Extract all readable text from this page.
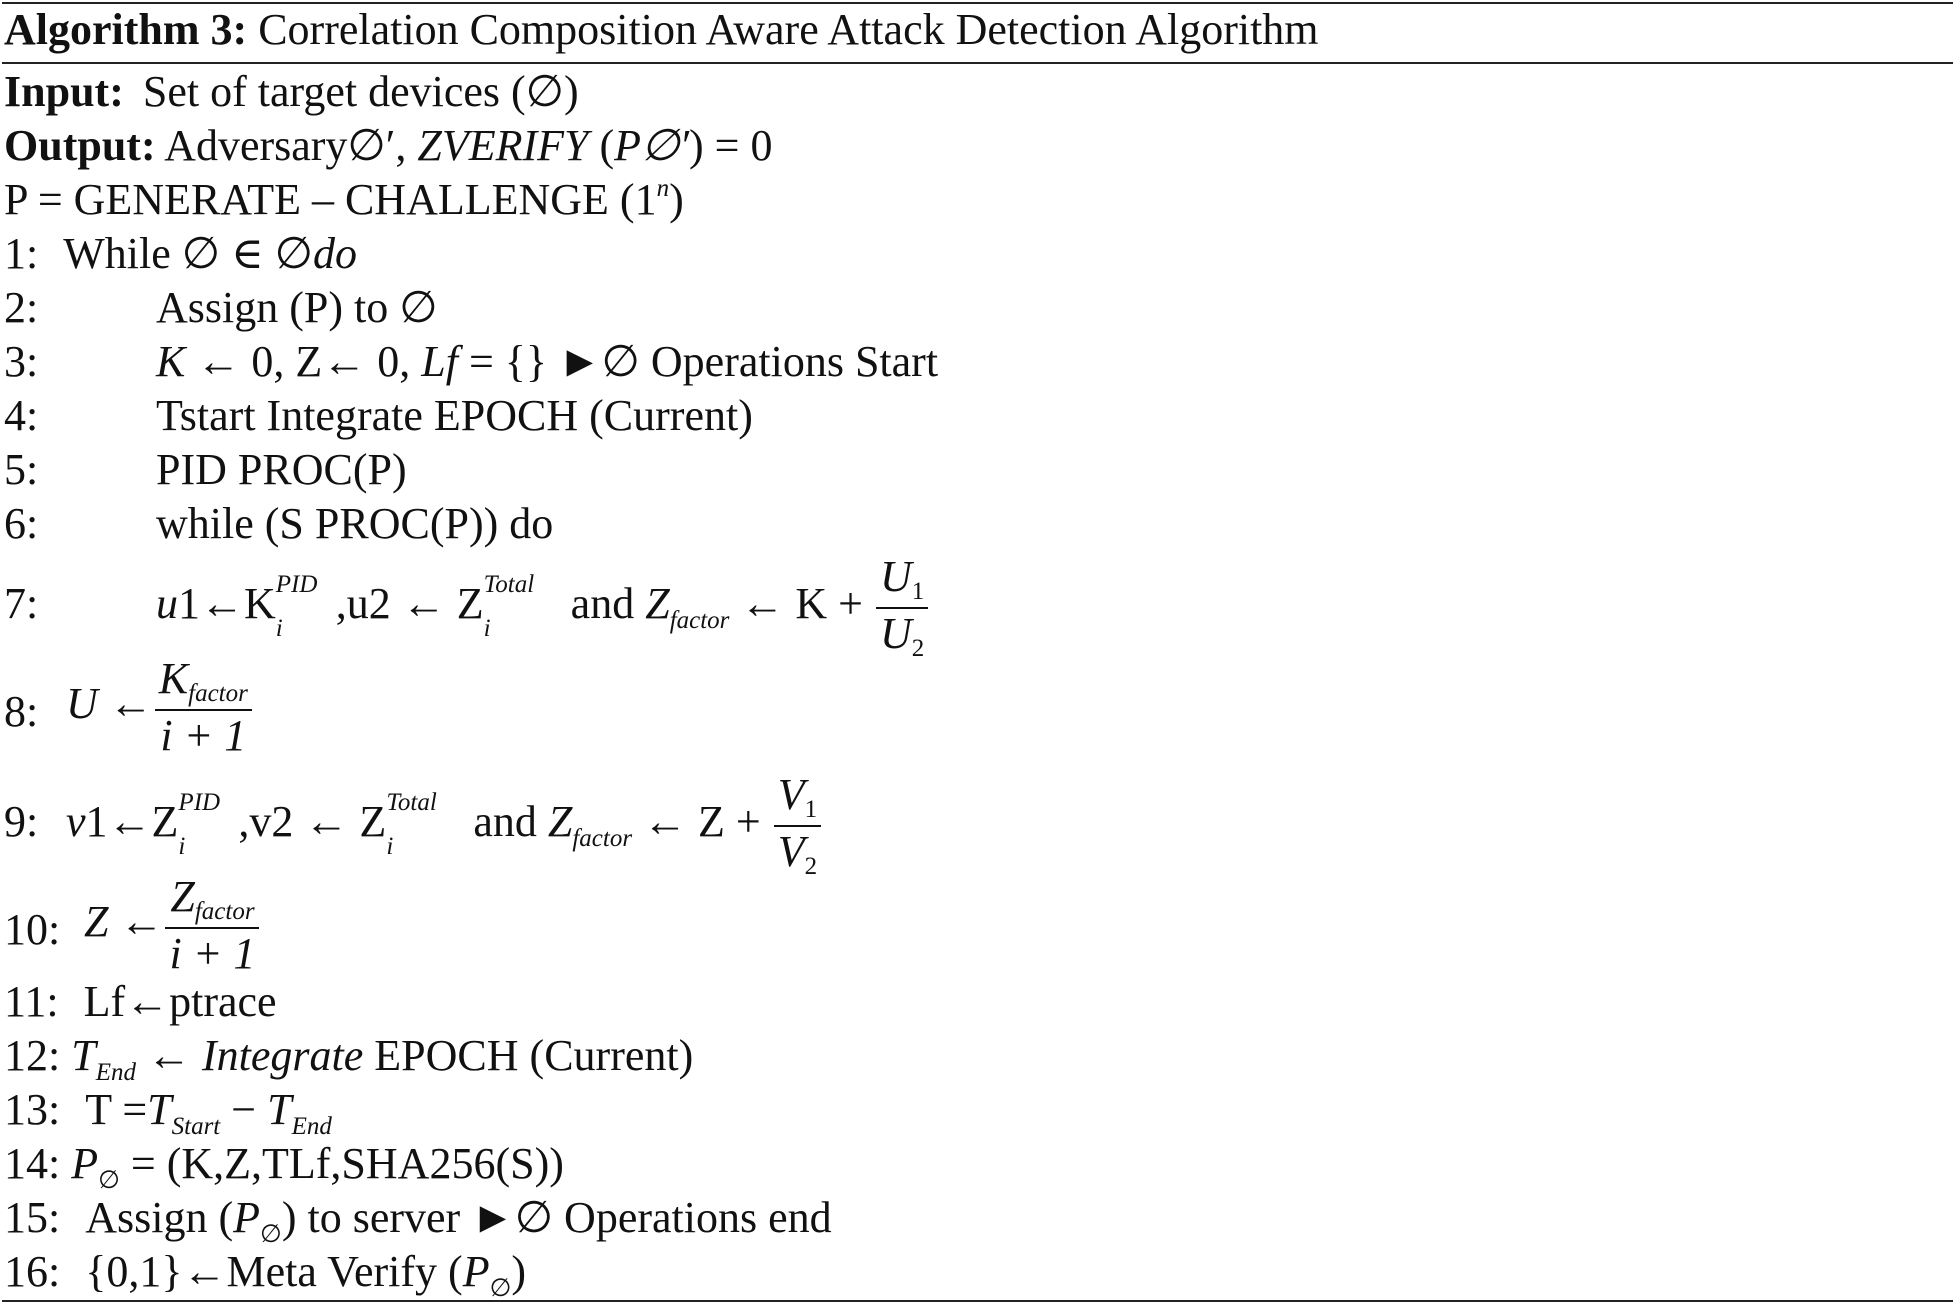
Algorithm 3: Correlation Composition Aware Attack Detection Algorithm
Input: Set of target devices (∅)
Output: Adversary∅′, ZVERIFY (P∅′) = 0
P = GENERATE – CHALLENGE (1$^n$)
1: While ∅ ∈ ∅do
2:	Assign (P) to ∅
3:	K ← 0, Z← 0, Lf = {} ►∅ Operations Start
4:	Tstart Integrate EPOCH (Current)
5:	PID PROC(P)
6:	while (S PROC(P)) do
7:	u1←K PID
i
,u2 ← Z Total
i
and $Z_{factor}$ ← $K + \frac{U1}{U2}$
8: U ← $\frac{\text{Kfactor}}{i + 1}$
9: v1←Z PID
i
,v2 ← Z Total
i
and $Z_{factor}$ ← $Z + \frac{V1}{V2}$
10: Z ← $\frac{\text{Zfactor}}{i + 1}$
11: Lf←ptrace
12: $T_{End}$ ← Integrate EPOCH (Current)
13: $T =T_{Start} - T_{End}$
14: $P_\emptyset = (K,Z,TLf,SHA256(S))$
15: Assign $(P_\emptyset)$ to server ►∅ Operations end
16: {0,1}←Meta Verify $(P_\emptyset)$
